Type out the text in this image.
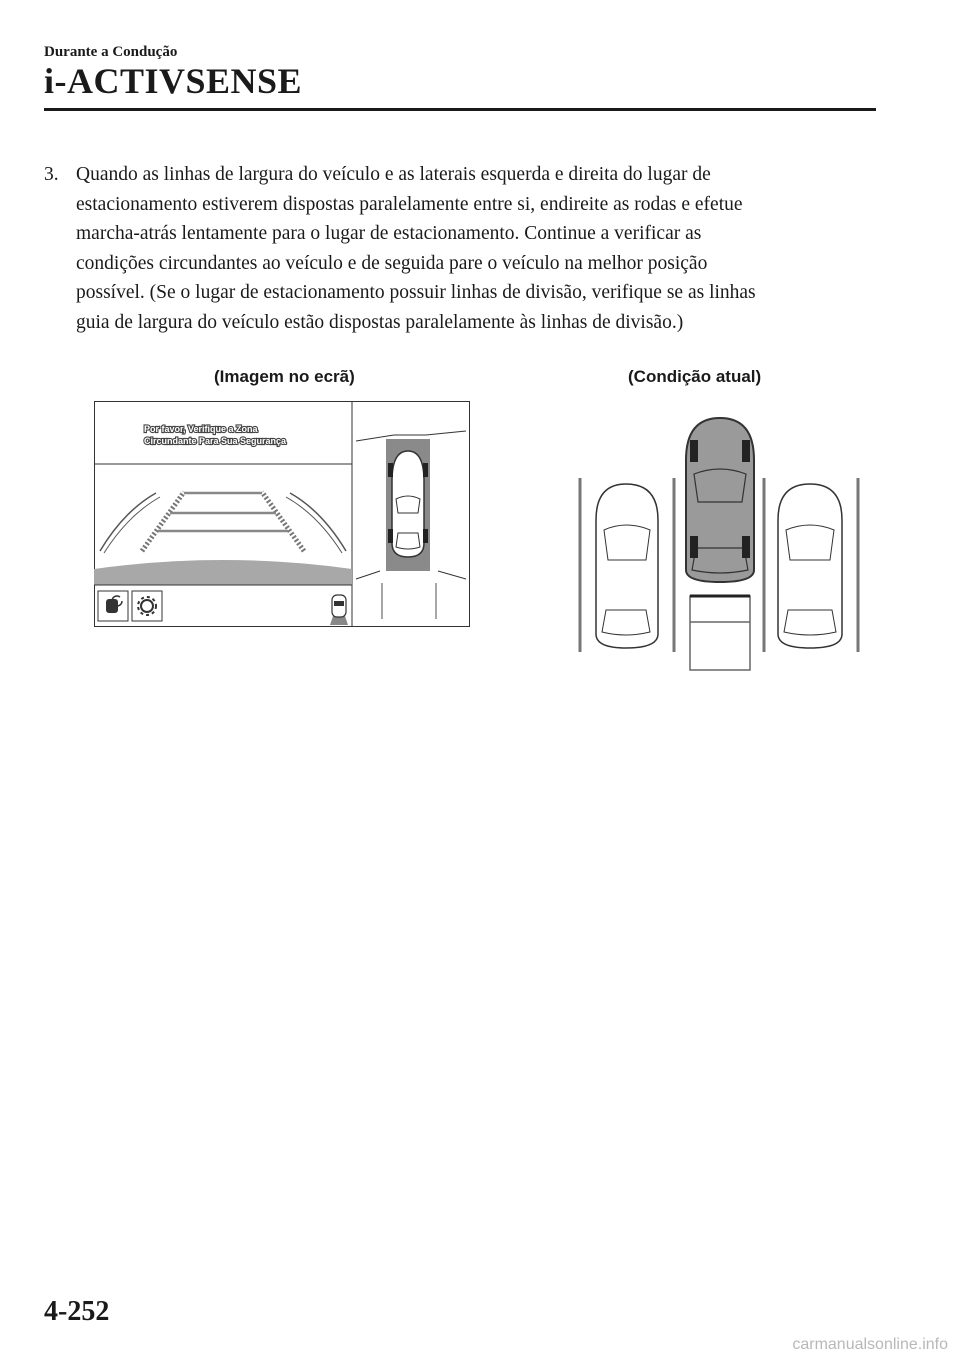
Durante a Condução
i-ACTIVSENSE
3. Quando as linhas de largura do veículo e as laterais esquerda e direita do lugar de
estacionamento estiverem dispostas paralelamente entre si, endireite as rodas e efetue
marcha-atrás lentamente para o lugar de estacionamento. Continue a verificar as
condições circundantes ao veículo e de seguida pare o veículo na melhor posição
possível. (Se o lugar de estacionamento possuir linhas de divisão, verifique se as linhas
guia de largura do veículo estão dispostas paralelamente às linhas de divisão.)
(Imagem no ecrã)	(Condição atual)
Por favor, Verifique a Zona
Circundante Para Sua Segurança
4-252
carmanualsonline.info
